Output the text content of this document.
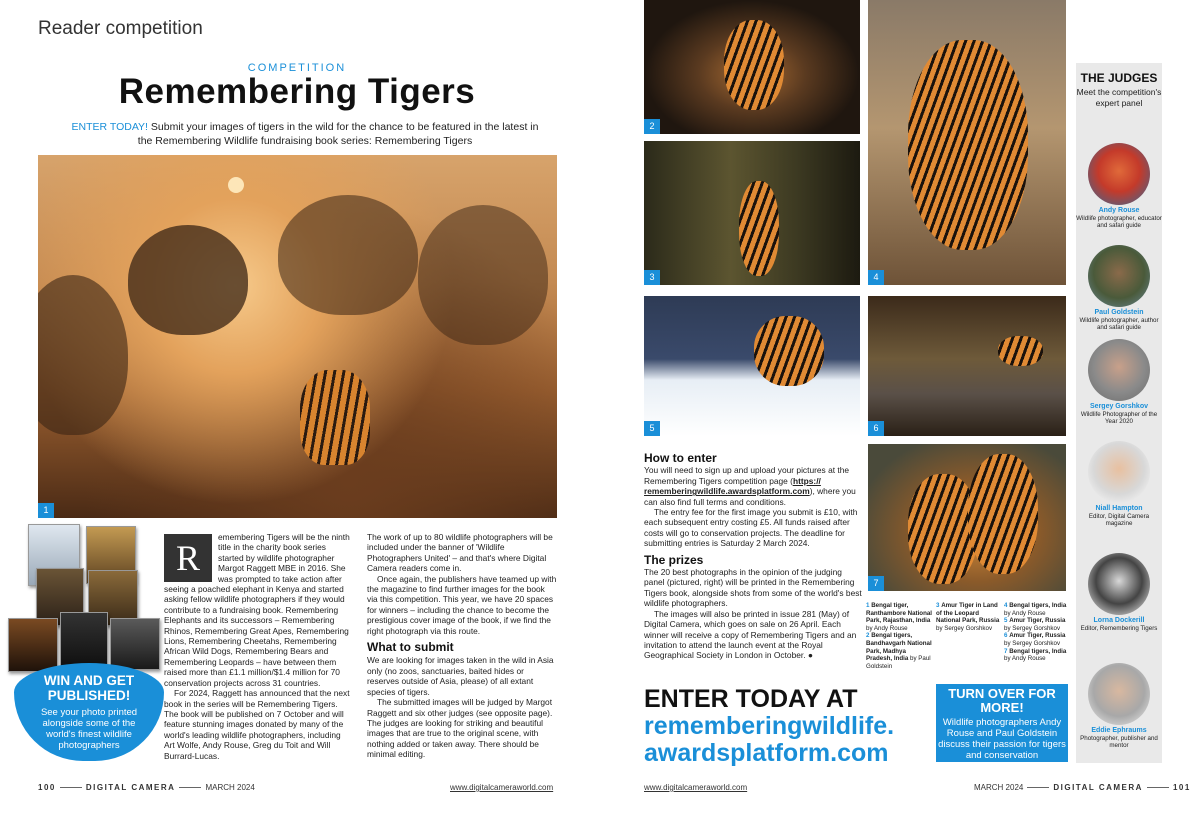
Reader competition
COMPETITION
Remembering Tigers
ENTER TODAY! Submit your images of tigers in the wild for the chance to be featured in the latest in the Remembering Wildlife fundraising book series: Remembering Tigers
1
WIN AND GET PUBLISHED!
See your photo printed alongside some of the world's finest wildlife photographers
R

emembering Tigers will be the ninth title in the charity book series started by wildlife photographer Margot Raggett MBE in 2016. She was prompted to take action after seeing a poached elephant in Kenya and started asking fellow wildlife photographers if they would contribute to a fundraising book. Remembering Elephants and its successors – Remembering Rhinos, Remembering Great Apes, Remembering Lions, Remembering Cheetahs, Remembering African Wild Dogs, Remembering Bears and Remembering Leopards – have between them raised more than £1.1 million/$1.4 million for 70 conservation projects across 31 countries.

For 2024, Raggett has announced that the next book in the series will be Remembering Tigers. The book will be published on 7 October and will feature stunning images donated by many of the world's leading wildlife photographers, including Art Wolfe, Andy Rouse, Greg du Toit and Will Burrard-Lucas.

The work of up to 80 wildlife photographers will be included under the banner of 'Wildlife Photographers United' – and that's where Digital Camera readers come in.

Once again, the publishers have teamed up with the magazine to find further images for the book via this competition. This year, we have 20 spaces for winners – including the chance to become the prestigious cover image of the book, if we find the right photograph via this route.

What to submit

We are looking for images taken in the wild in Asia only (no zoos, sanctuaries, baited hides or reserves outside of Asia, please) of all extant species of tigers.

The submitted images will be judged by Margot Raggett and six other judges (see opposite page). The judges are looking for striking and beautiful images that are true to the original scene, with nothing added or taken away. There should be minimal editing.

100	DIGITAL CAMERA	MARCH 2024	www.digitalcameraworld.com
2
3	4
5	6
7
How to enter

You will need to sign up and upload your pictures at the Remembering Tigers competition page (https:// rememberingwildlife.awardsplatform.com), where you can also find full terms and conditions.

The entry fee for the first image you submit is £10, with each subsequent entry costing £5. All funds raised after costs will go to conservation projects. The deadline for submitting entries is Saturday 2 March 2024.

The prizes

The 20 best photographs in the opinion of the judging panel (pictured, right) will be printed in the Remembering Tigers book, alongside shots from some of the world's best wildlife photographers.

The images will also be printed in issue 281 (May) of Digital Camera, which goes on sale on 26 April. Each winner will receive a copy of Remembering Tigers and an invitation to attend the launch event at the Royal Geographical Society in London in October. ●

1 Bengal tiger, Ranthambore National Park, Rajasthan, India by Andy Rouse
2 Bengal tigers, Bandhavgarh National Park, Madhya Pradesh, India by Paul Goldstein
3 Amur Tiger in Land of the Leopard National Park, Russia by Sergey Gorshkov
4 Bengal tigers, India by Andy Rouse
5 Amur Tiger, Russia by Sergey Gorshkov
6 Amur Tiger, Russia by Sergey Gorshkov
7 Bengal tigers, India by Andy Rouse
ENTER TODAY AT
rememberingwildlife.
awardsplatform.com
TURN OVER FOR MORE!
Wildlife photographers Andy Rouse and Paul Goldstein discuss their passion for tigers and conservation
THE JUDGES
Meet the competition's expert panel
Andy Rouse
Wildlife photographer, educator and safari guide
Paul Goldstein
Wildlife photographer, author and safari guide
Sergey Gorshkov
Wildlife Photographer of the Year 2020
Niall Hampton
Editor, Digital Camera magazine
Lorna Dockerill
Editor, Remembering Tigers
Eddie Ephraums
Photographer, publisher and mentor
www.digitalcameraworld.com	MARCH 2024	DIGITAL CAMERA	101
